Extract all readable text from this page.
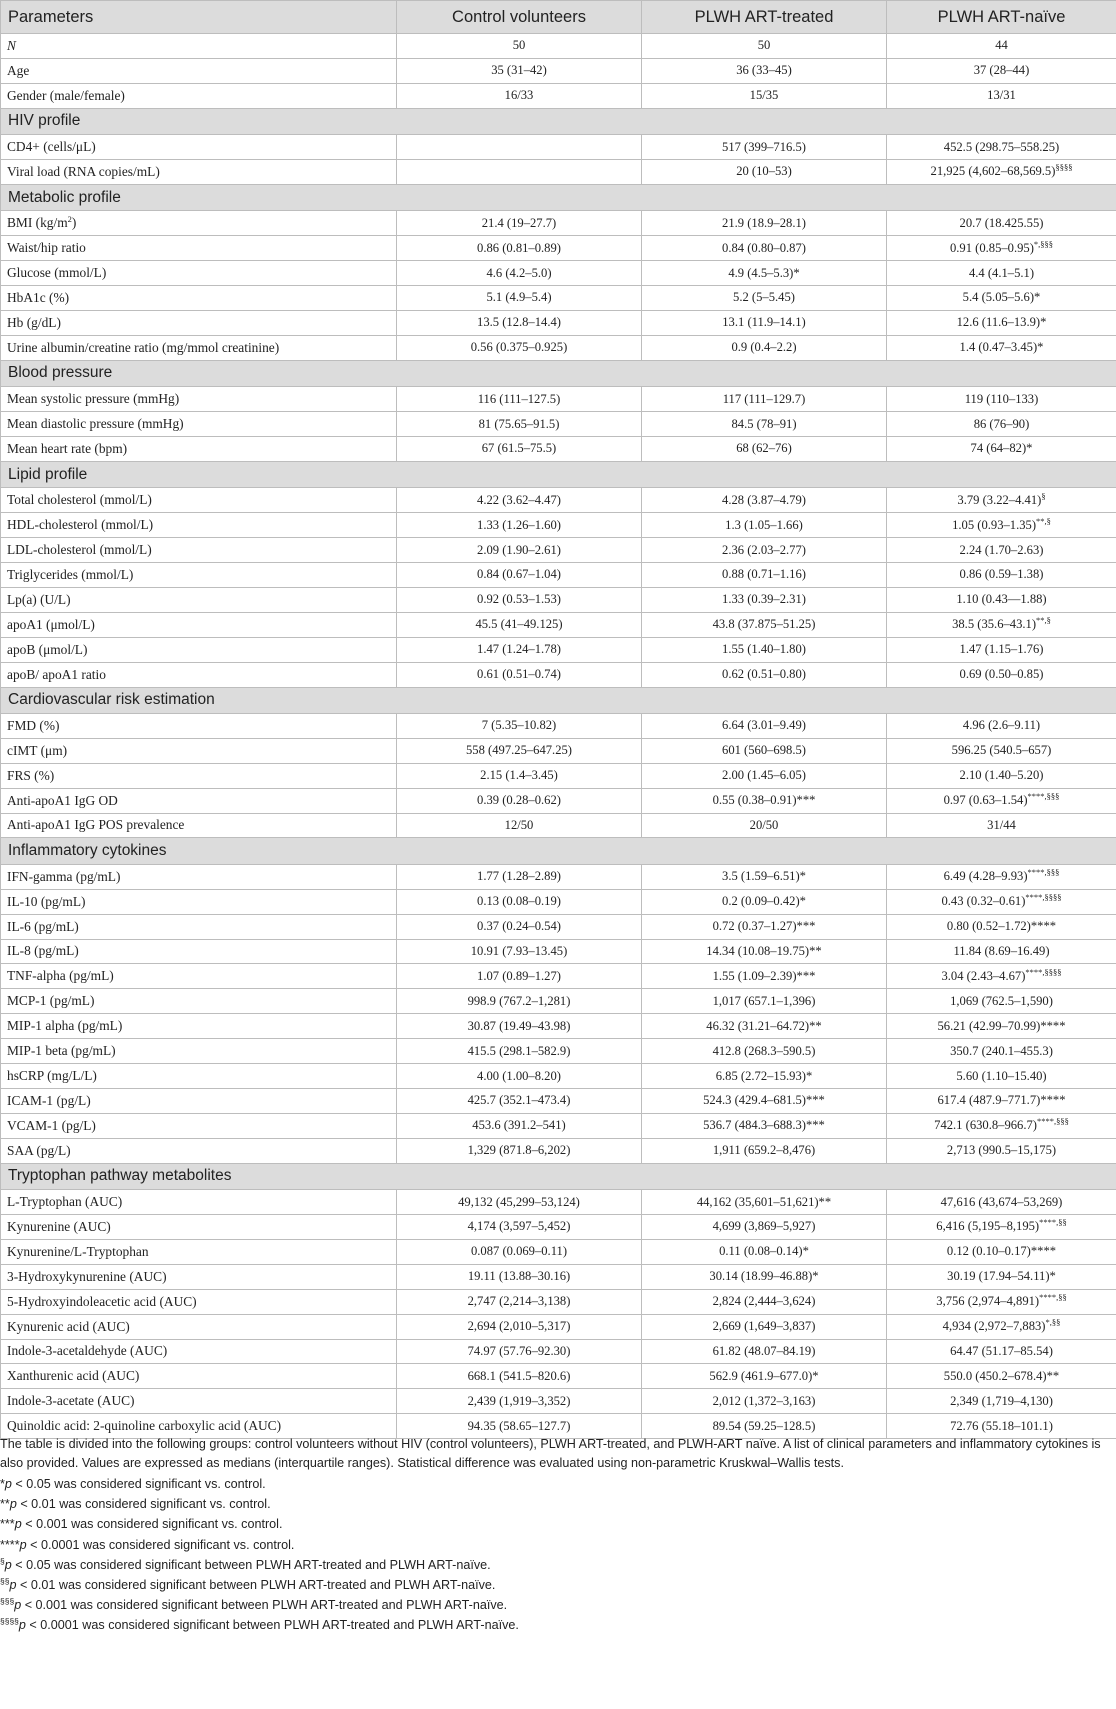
Parameters	Control volunteers	PLWH ART-treated	PLWH ART-naïve
N	50	50	44
Age	35 (31–42)	36 (33–45)	37 (28–44)
Gender (male/female)	16/33	15/35	13/31
HIV profile			
CD4+ (cells/μL)		517 (399–716.5)	452.5 (298.75–558.25)
Viral load (RNA copies/mL)		20 (10–53)	21,925 (4,602–68,569.5)§§§§
Metabolic profile			
BMI $(kg/m^2)$	21.4 (19–27.7)	21.9 (18.9–28.1)	20.7 (18.425.55)
Waist/hip ratio	0.86 (0.81–0.89)	0.84 (0.80–0.87)	0.91 (0.85–0.95)*,§§§
Glucose (mmol/L)	4.6 (4.2–5.0)	4.9 (4.5–5.3)*	4.4 (4.1–5.1)
HbA1c (%)	5.1 (4.9–5.4)	5.2 (5–5.45)	5.4 (5.05–5.6)*
Hb (g/dL)	13.5 (12.8–14.4)	13.1 (11.9–14.1)	12.6 (11.6–13.9)*
Urine albumin/creatine ratio (mg/mmol creatinine)	0.56 (0.375–0.925)	0.9 (0.4–2.2)	1.4 (0.47–3.45)*
Blood pressure			
Mean systolic pressure (mmHg)	116 (111–127.5)	117 (111–129.7)	119 (110–133)
Mean diastolic pressure (mmHg)	81 (75.65–91.5)	84.5 (78–91)	86 (76–90)
Mean heart rate (bpm)	67 (61.5–75.5)	68 (62–76)	74 (64–82)*
Lipid profile			
Total cholesterol (mmol/L)	4.22 (3.62–4.47)	4.28 (3.87–4.79)	3.79 (3.22–4.41)§
HDL-cholesterol (mmol/L)	1.33 (1.26–1.60)	1.3 (1.05–1.66)	1.05 (0.93–1.35)**,§
LDL-cholesterol (mmol/L)	2.09 (1.90–2.61)	2.36 (2.03–2.77)	2.24 (1.70–2.63)
Triglycerides (mmol/L)	0.84 (0.67–1.04)	0.88 (0.71–1.16)	0.86 (0.59–1.38)
Lp(a) (U/L)	0.92 (0.53–1.53)	1.33 (0.39–2.31)	1.10 (0.43—1.88)
apoA1 (μmol/L)	45.5 (41–49.125)	43.8 (37.875–51.25)	38.5 (35.6–43.1)**,§
apoB (μmol/L)	1.47 (1.24–1.78)	1.55 (1.40–1.80)	1.47 (1.15–1.76)
apoB/ apoA1 ratio	0.61 (0.51–0.74)	0.62 (0.51–0.80)	0.69 (0.50–0.85)
Cardiovascular risk estimation			
FMD (%)	7 (5.35–10.82)	6.64 (3.01–9.49)	4.96 (2.6–9.11)
cIMT (μm)	558 (497.25–647.25)	601 (560–698.5)	596.25 (540.5–657)
FRS (%)	2.15 (1.4–3.45)	2.00 (1.45–6.05)	2.10 (1.40–5.20)
Anti-apoA1 IgG OD	0.39 (0.28–0.62)	0.55 (0.38–0.91)***	0.97 (0.63–1.54)****,§§§
Anti-apoA1 IgG POS prevalence	12/50	20/50	31/44
Inflammatory cytokines			
IFN-gamma (pg/mL)	1.77 (1.28–2.89)	3.5 (1.59–6.51)*	6.49 (4.28–9.93)****,§§§
IL-10 (pg/mL)	0.13 (0.08–0.19)	0.2 (0.09–0.42)*	0.43 (0.32–0.61)****,§§§§
IL-6 (pg/mL)	0.37 (0.24–0.54)	0.72 (0.37–1.27)***	0.80 (0.52–1.72)****
IL-8 (pg/mL)	10.91 (7.93–13.45)	14.34 (10.08–19.75)**	11.84 (8.69–16.49)
TNF-alpha (pg/mL)	1.07 (0.89–1.27)	1.55 (1.09–2.39)***	3.04 (2.43–4.67)****,§§§§
MCP-1 (pg/mL)	998.9 (767.2–1,281)	1,017 (657.1–1,396)	1,069 (762.5–1,590)
MIP-1 alpha (pg/mL)	30.87 (19.49–43.98)	46.32 (31.21–64.72)**	56.21 (42.99–70.99)****
MIP-1 beta (pg/mL)	415.5 (298.1–582.9)	412.8 (268.3–590.5)	350.7 (240.1–455.3)
hsCRP (mg/L/L)	4.00 (1.00–8.20)	6.85 (2.72–15.93)*	5.60 (1.10–15.40)
ICAM-1 (pg/L)	425.7 (352.1–473.4)	524.3 (429.4–681.5)***	617.4 (487.9–771.7)****
VCAM-1 (pg/L)	453.6 (391.2–541)	536.7 (484.3–688.3)***	742.1 (630.8–966.7)****,§§§
SAA (pg/L)	1,329 (871.8–6,202)	1,911 (659.2–8,476)	2,713 (990.5–15,175)
Tryptophan pathway metabolites			
L-Tryptophan (AUC)	49,132 (45,299–53,124)	44,162 (35,601–51,621)**	47,616 (43,674–53,269)
Kynurenine (AUC)	4,174 (3,597–5,452)	4,699 (3,869–5,927)	6,416 (5,195–8,195)****,§§
Kynurenine/L-Tryptophan	0.087 (0.069–0.11)	0.11 (0.08–0.14)*	0.12 (0.10–0.17)****
3-Hydroxykynurenine (AUC)	19.11 (13.88–30.16)	30.14 (18.99–46.88)*	30.19 (17.94–54.11)*
5-Hydroxyindoleacetic acid (AUC)	2,747 (2,214–3,138)	2,824 (2,444–3,624)	3,756 (2,974–4,891)****,§§
Kynurenic acid (AUC)	2,694 (2,010–5,317)	2,669 (1,649–3,837)	4,934 (2,972–7,883)*,§§
Indole-3-acetaldehyde (AUC)	74.97 (57.76–92.30)	61.82 (48.07–84.19)	64.47 (51.17–85.54)
Xanthurenic acid (AUC)	668.1 (541.5–820.6)	562.9 (461.9–677.0)*	550.0 (450.2–678.4)**
Indole-3-acetate (AUC)	2,439 (1,919–3,352)	2,012 (1,372–3,163)	2,349 (1,719–4,130)
Quinoldic acid: 2-quinoline carboxylic acid (AUC)	94.35 (58.65–127.7)	89.54 (59.25–128.5)	72.76 (55.18–101.1)

The table is divided into the following groups: control volunteers without HIV (control volunteers), PLWH ART-treated, and PLWH-ART naïve. A list of clinical parameters and inflammatory cytokines is also provided. Values are expressed as medians (interquartile ranges). Statistical difference was evaluated using non-parametric Kruskwal–Wallis tests.

*p < 0.05 was considered significant vs. control.

**p < 0.01 was considered significant vs. control.

***p < 0.001 was considered significant vs. control.

****p < 0.0001 was considered significant vs. control.

§p < 0.05 was considered significant between PLWH ART-treated and PLWH ART-naïve.

§§p < 0.01 was considered significant between PLWH ART-treated and PLWH ART-naïve.

§§§p < 0.001 was considered significant between PLWH ART-treated and PLWH ART-naïve.

§§§§p < 0.0001 was considered significant between PLWH ART-treated and PLWH ART-naïve.
